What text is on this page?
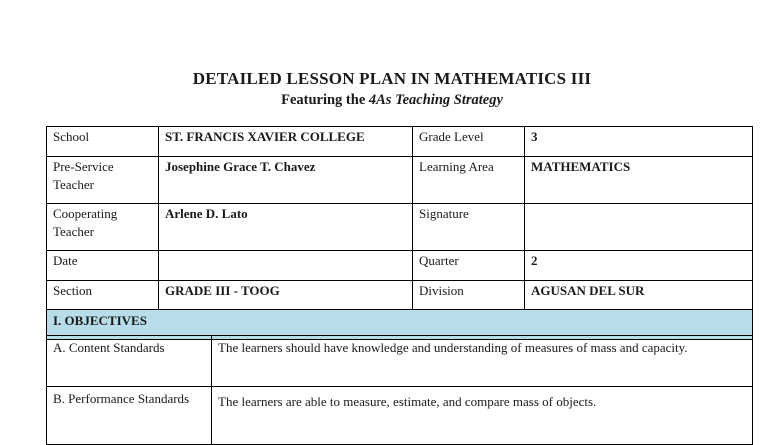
DETAILED LESSON PLAN IN MATHEMATICS III
Featuring the 4As Teaching Strategy
School	ST. FRANCIS XAVIER COLLEGE	Grade Level	3
Pre-Service Teacher	Josephine Grace T. Chavez	Learning Area	MATHEMATICS
Cooperating Teacher	Arlene D. Lato	Signature	
Date		Quarter	2
Section	GRADE III - TOOG	Division	AGUSAN DEL SUR
I. OBJECTIVES			
A. Content Standards	The learners should have knowledge and understanding of measures of mass and capacity.
B. Performance Standards	The learners are able to measure, estimate, and compare mass of objects.
